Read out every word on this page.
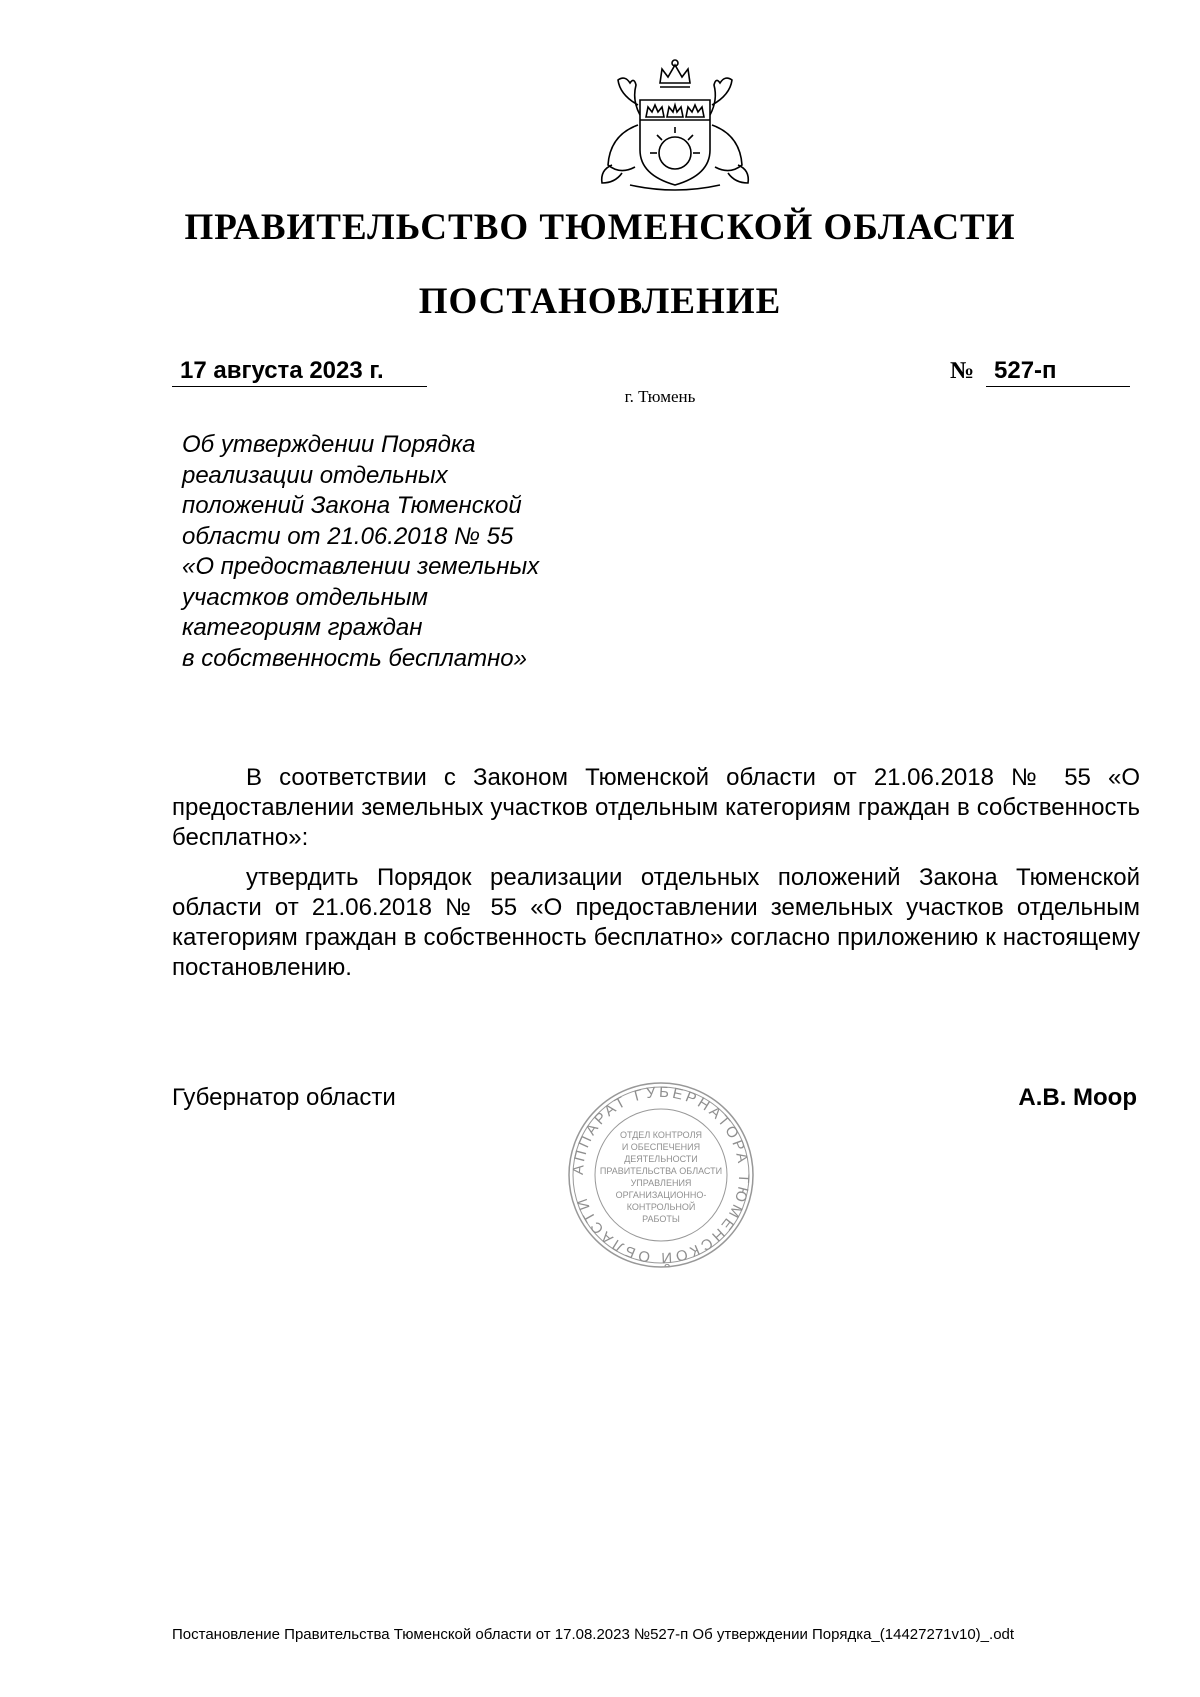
ПРАВИТЕЛЬСТВО ТЮМЕНСКОЙ ОБЛАСТИ
ПОСТАНОВЛЕНИЕ
17 августа 2023 г.	№ 527-п
г. Тюмень
Об утверждении Порядка
реализации отдельных
положений Закона Тюменской
области от 21.06.2018 № 55
«О предоставлении земельных
участков отдельным
категориям граждан
в собственность бесплатно»

В соответствии с Законом Тюменской области от 21.06.2018 № 55 «О предоставлении земельных участков отдельным категориям граждан в собственность бесплатно»:

утвердить Порядок реализации отдельных положений Закона Тюменской области от 21.06.2018 № 55 «О предоставлении земельных участков отдельным категориям граждан в собственность бесплатно» согласно приложению к настоящему постановлению.

Губернатор области	А.В. Моор
АППАРАТ ГУБЕРНАТОРА ТЮМЕНСКОЙ ОБЛАСТИ
ОТДЕЛ КОНТРОЛЯ
И ОБЕСПЕЧЕНИЯ
ДЕЯТЕЛЬНОСТИ
ПРАВИТЕЛЬСТВА ОБЛАСТИ
УПРАВЛЕНИЯ
ОРГАНИЗАЦИОННО-
КОНТРОЛЬНОЙ
РАБОТЫ
Постановление Правительства Тюменской области от 17.08.2023 №527-п Об утверждении Порядка_(14427271v10)_.odt
